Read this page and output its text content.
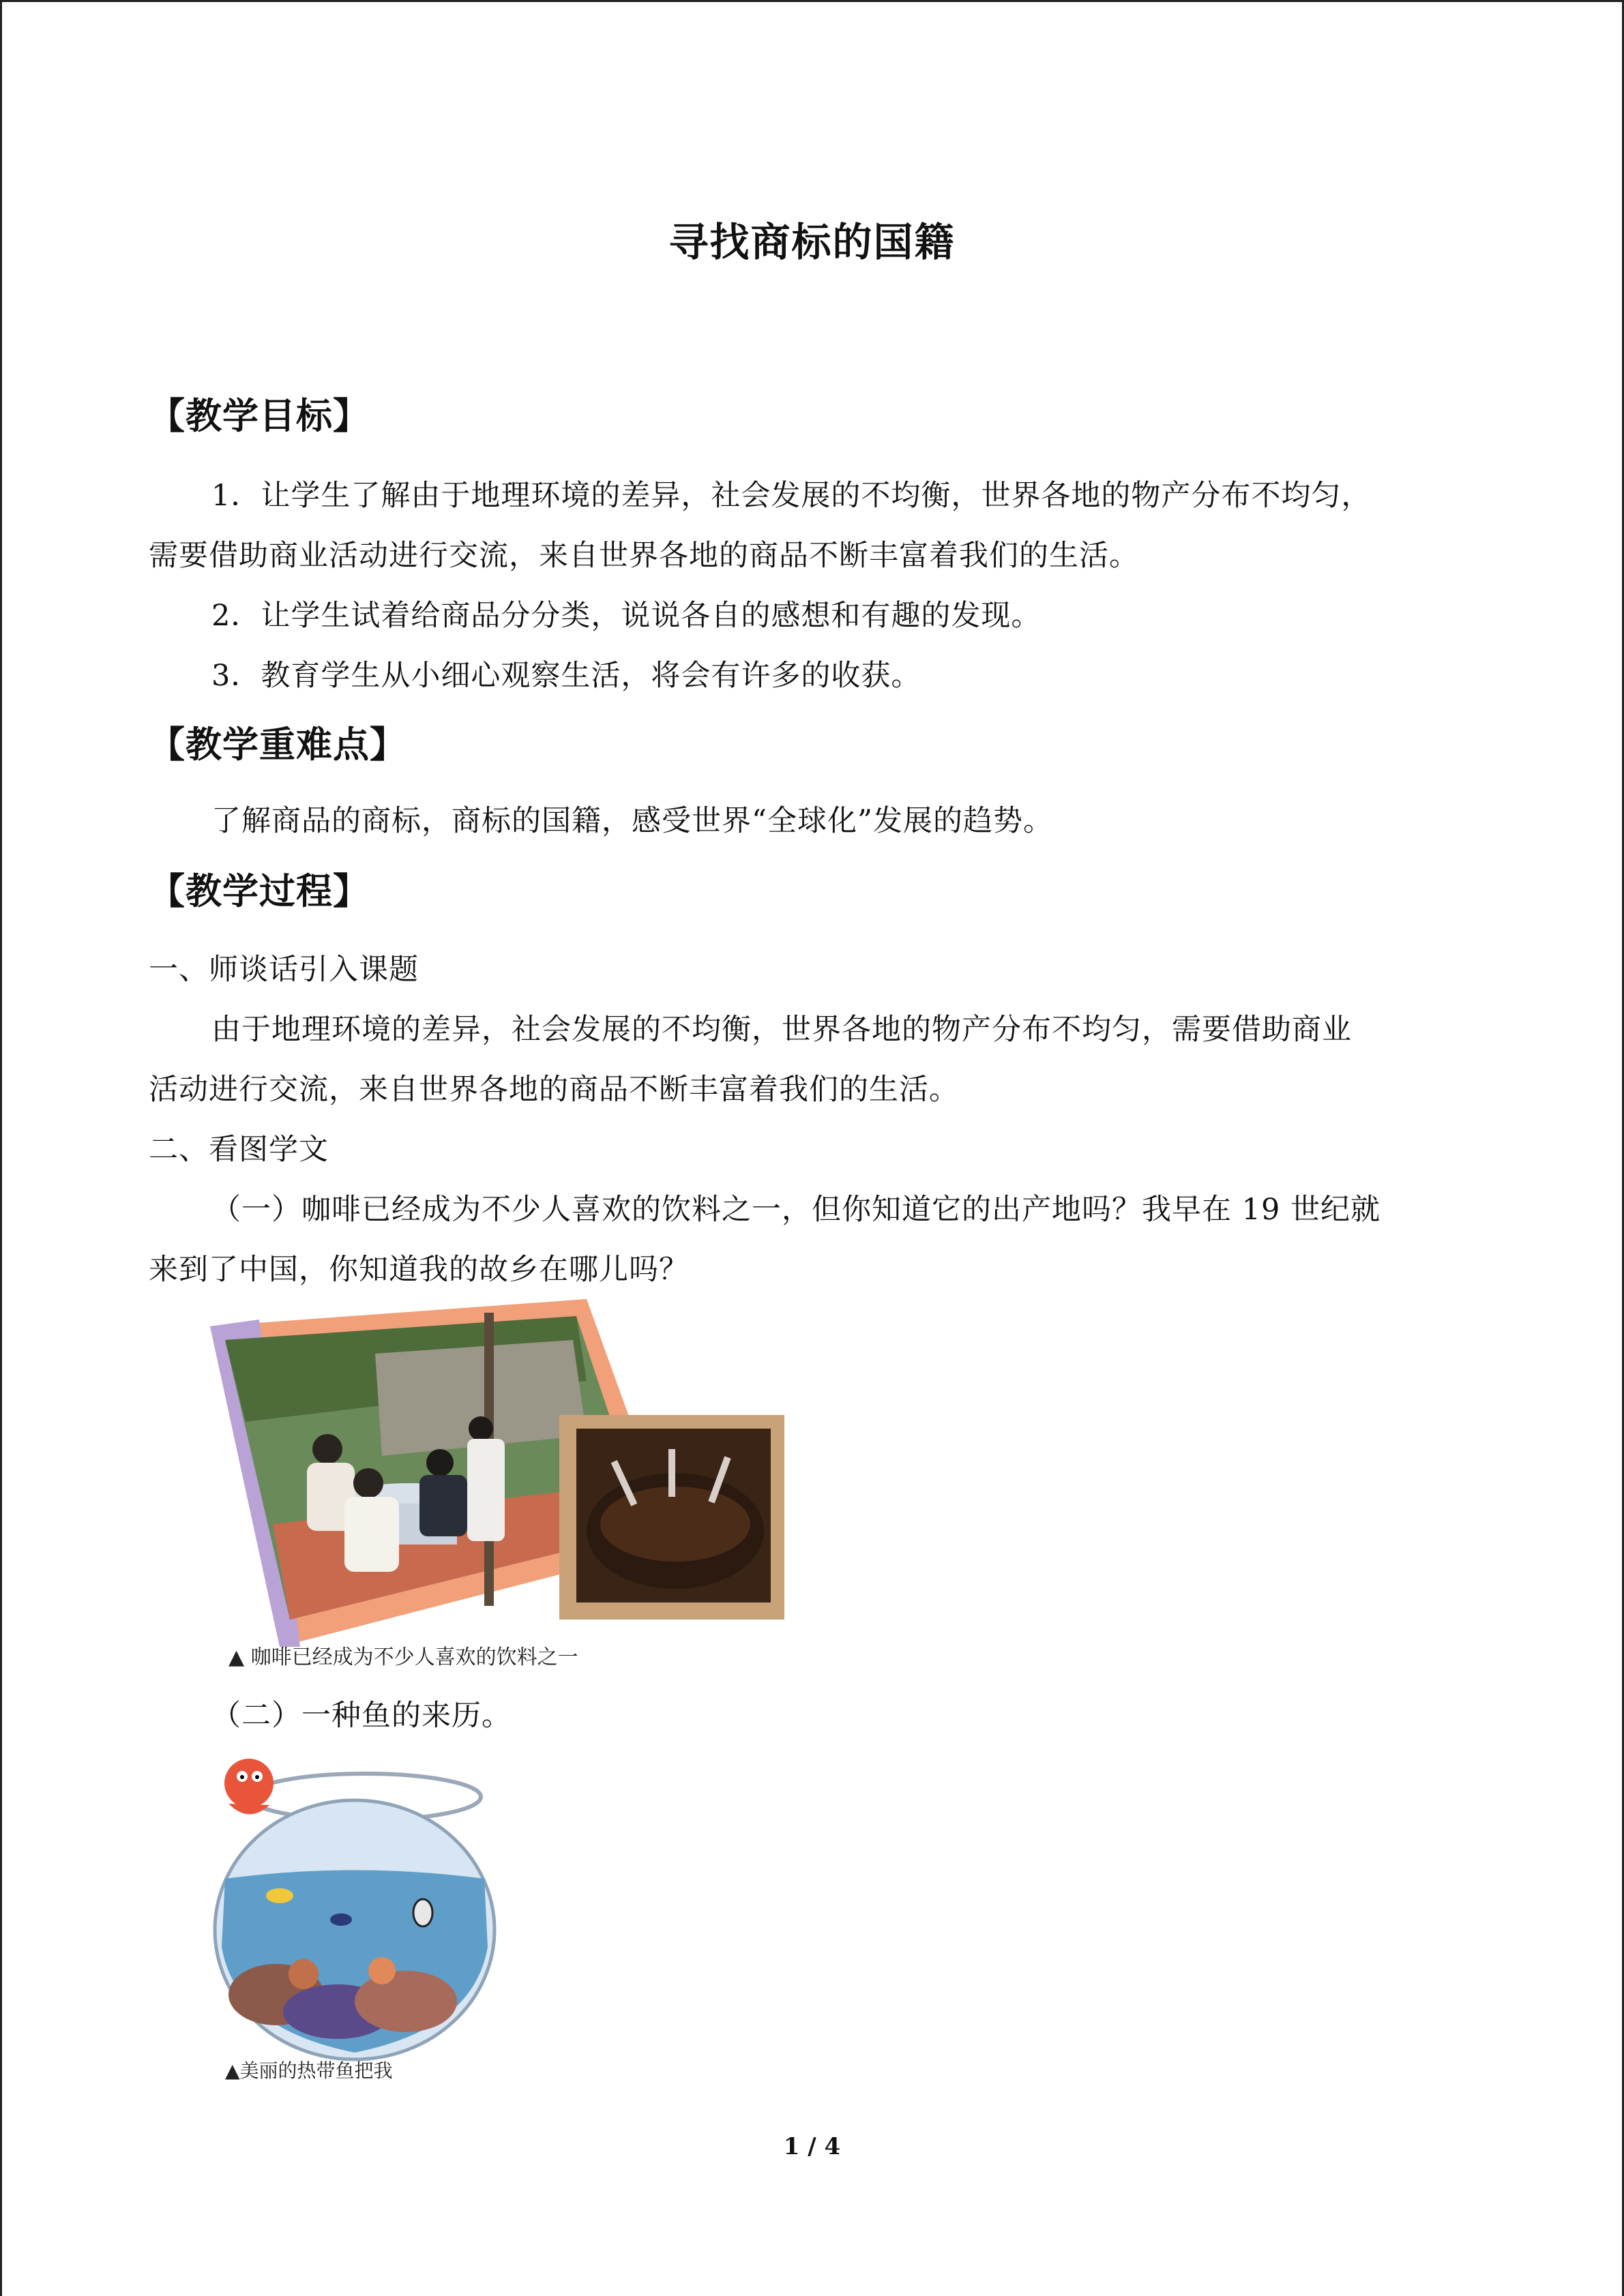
寻找商标的国籍
【教学目标】
1．让学生了解由于地理环境的差异，社会发展的不均衡，世界各地的物产分布不均匀，
需要借助商业活动进行交流，来自世界各地的商品不断丰富着我们的生活。
2．让学生试着给商品分分类，说说各自的感想和有趣的发现。
3．教育学生从小细心观察生活，将会有许多的收获。
【教学重难点】
了解商品的商标，商标的国籍，感受世界“全球化”发展的趋势。
【教学过程】
一、师谈话引入课题
由于地理环境的差异，社会发展的不均衡，世界各地的物产分布不均匀，需要借助商业
活动进行交流，来自世界各地的商品不断丰富着我们的生活。
二、看图学文
（一）咖啡已经成为不少人喜欢的饮料之一，但你知道它的出产地吗？我早在 19 世纪就
来到了中国，你知道我的故乡在哪儿吗？
▲ 咖啡已经成为不少人喜欢的饮料之一
（二）一种鱼的来历。
▲美丽的热带鱼把我
1 / 4
